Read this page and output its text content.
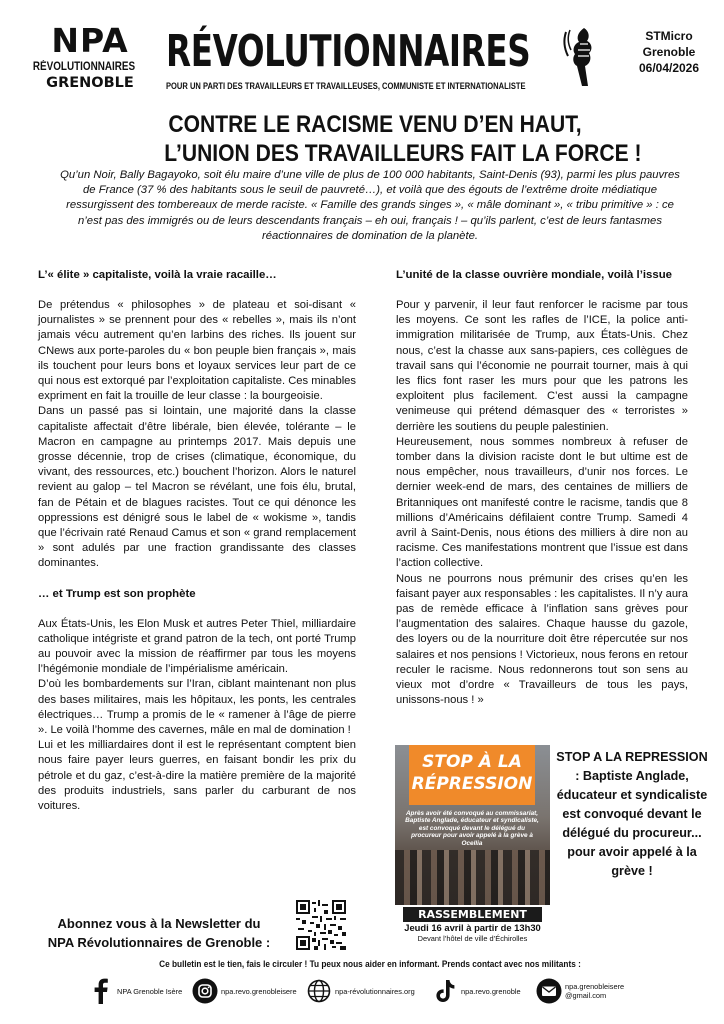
NPA
RÉVOLUTIONNAIRES
GRENOBLE
RÉVOLUTIONNAIRES
POUR UN PARTI DES TRAVAILLEURS ET TRAVAILLEUSES, COMMUNISTE ET INTERNATIONALISTE
STMicro
Grenoble
06/04/2026
CONTRE LE RACISME VENU D’EN HAUT,
L’UNION DES TRAVAILLEURS FAIT LA FORCE !
Qu’un Noir, Bally Bagayoko, soit élu maire d’une ville de plus de 100 000 habitants, Saint-Denis (93), parmi les plus pauvres de France (37 % des habitants sous le seuil de pauvreté…), et voilà que des égouts de l’extrême droite médiatique ressurgissent des tombereaux de merde raciste. « Famille des grands singes », « mâle dominant », « tribu primitive » : ce n’est pas des immigrés ou de leurs descendants français – eh oui, français ! – qu’ils parlent, c’est de leurs fantasmes réactionnaires de domination de la planète.
L’« élite » capitaliste, voilà la vraie racaille…

De prétendus « philosophes » de plateau et soi-disant « journalistes » se prennent pour des « rebelles », mais ils n’ont jamais vécu autrement qu’en larbins des riches. Ils jouent sur CNews aux porte-paroles du « bon peuple bien français », mais ils touchent pour leurs bons et loyaux services leur part de ce qui nous est extorqué par l’exploitation capitaliste. Ces minables expriment en fait la trouille de leur classe : la bourgeoisie.

Dans un passé pas si lointain, une majorité dans la classe capitaliste affectait d’être libérale, bien élevée, tolérante – le Macron en campagne au printemps 2017. Mais depuis une grosse décennie, trop de crises (climatique, économique, du vivant, des ressources, etc.) bouchent l’horizon. Alors le naturel revient au galop – tel Macron se révélant, une fois élu, brutal, fan de Pétain et de blagues racistes. Tout ce qui dénonce les oppressions est dénigré sous le label de « wokisme », tandis que l’écrivain raté Renaud Camus et son « grand remplacement » sont adulés par une fraction grandissante des classes dominantes.

… et Trump est son prophète

Aux États-Unis, les Elon Musk et autres Peter Thiel, milliardaire catholique intégriste et grand patron de la tech, ont porté Trump au pouvoir avec la mission de réaffirmer par tous les moyens l’hégémonie mondiale de l’impérialisme américain.

D’où les bombardements sur l’Iran, ciblant maintenant non plus des bases militaires, mais les hôpitaux, les ponts, les centrales électriques… Trump a promis de le « ramener à l’âge de pierre ». Le voilà l’homme des cavernes, mâle en mal de domination !

Lui et les milliardaires dont il est le représentant comptent bien nous faire payer leurs guerres, en faisant bondir les prix du pétrole et du gaz, c’est-à-dire la matière première de la majorité des produits industriels, sans parler du carburant de nos voitures.

L’unité de la classe ouvrière mondiale, voilà l’issue

Pour y parvenir, il leur faut renforcer le racisme par tous les moyens. Ce sont les rafles de l’ICE, la police anti-immigration militarisée de Trump, aux États-Unis. Chez nous, c’est la chasse aux sans-papiers, ces collègues de travail sans qui l’économie ne pourrait tourner, mais à qui les flics font raser les murs pour que les patrons les exploitent plus facilement. C’est aussi la campagne venimeuse qui prétend démasquer des « terroristes » derrière les soutiens du peuple palestinien.

Heureusement, nous sommes nombreux à refuser de tomber dans la division raciste dont le but ultime est de nous empêcher, nous travailleurs, d’unir nos forces. Le dernier week-end de mars, des centaines de milliers de Britanniques ont manifesté contre le racisme, tandis que 8 millions d’Américains défilaient contre Trump. Samedi 4 avril à Saint-Denis, nous étions des milliers à dire non au racisme. Ces manifestations montrent que l’issue est dans l’action collective.

Nous ne pourrons nous prémunir des crises qu’en les faisant payer aux responsables : les capitalistes. Il n’y aura pas de remède efficace à l’inflation sans grèves pour l’augmentation des salaires. Chaque hausse du gazole, des loyers ou de la nourriture doit être répercutée sur nos salaires et nos pensions ! Victorieux, nous ferons en retour reculer le racisme. Nous redonnerons tout son sens au vieux mot d’ordre « Travailleurs de tous les pays, unissons-nous ! »

STOP À LA
RÉPRESSION
Après avoir été convoqué au commissariat, Baptiste Anglade, éducateur et syndicaliste, est convoqué devant le délégué du procureur pour avoir appelé à la grève à Ocellia
RASSEMBLEMENT
Jeudi 16 avril à partir de 13h30
Devant l’hôtel de ville d’Échirolles
STOP A LA REPRESSION : Baptiste Anglade, éducateur et syndicaliste est convoqué devant le délégué du procureur... pour avoir appelé à la grève !
Abonnez vous à la Newsletter du
NPA Révolutionnaires de Grenoble :
Ce bulletin est le tien, fais le circuler ! Tu peux nous aider en informant. Prends contact avec nos militants :
NPA Grenoble Isère	npa.revo.grenobleisere	npa-révolutionnaires.org	npa.revo.grenoble	npa.grenobleisere
@gmail.com
